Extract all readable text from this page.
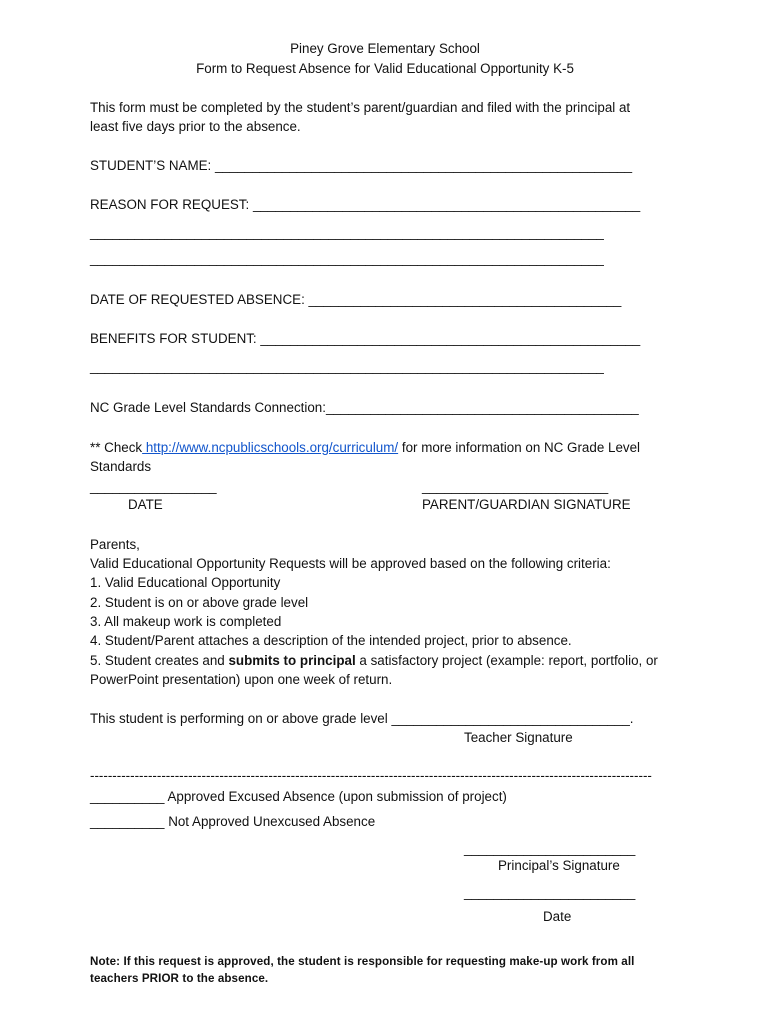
Piney Grove Elementary School
Form to Request Absence for Valid Educational Opportunity K-5
This form must be completed by the student’s parent/guardian and filed with the principal at
least five days prior to the absence.
STUDENT’S NAME: ________________________________________________________
REASON FOR REQUEST: ____________________________________________________
_____________________________________________________________________
_____________________________________________________________________
DATE OF REQUESTED ABSENCE: __________________________________________
BENEFITS FOR STUDENT: ___________________________________________________
_____________________________________________________________________
NC Grade Level Standards Connection:__________________________________________
** Check http://www.ncpublicschools.org/curriculum/ for more information on NC Grade Level
Standards
_________________
DATE
_________________________
PARENT/GUARDIAN SIGNATURE
Parents,
Valid Educational Opportunity Requests will be approved based on the following criteria:
1. Valid Educational Opportunity
2. Student is on or above grade level
3. All makeup work is completed
4. Student/Parent attaches a description of the intended project, prior to absence.
5. Student creates and submits to principal a satisfactory project (example: report, portfolio, or
PowerPoint presentation) upon one week of return.
This student is performing on or above grade level ________________________________.
Teacher Signature
------------------------------------------------------------------------------------------------------------------------------
__________ Approved Excused Absence (upon submission of project)
__________ Not Approved Unexcused Absence
_______________________
Principal’s Signature
_______________________
Date
Note: If this request is approved, the student is responsible for requesting make-up work from all
teachers PRIOR to the absence.
